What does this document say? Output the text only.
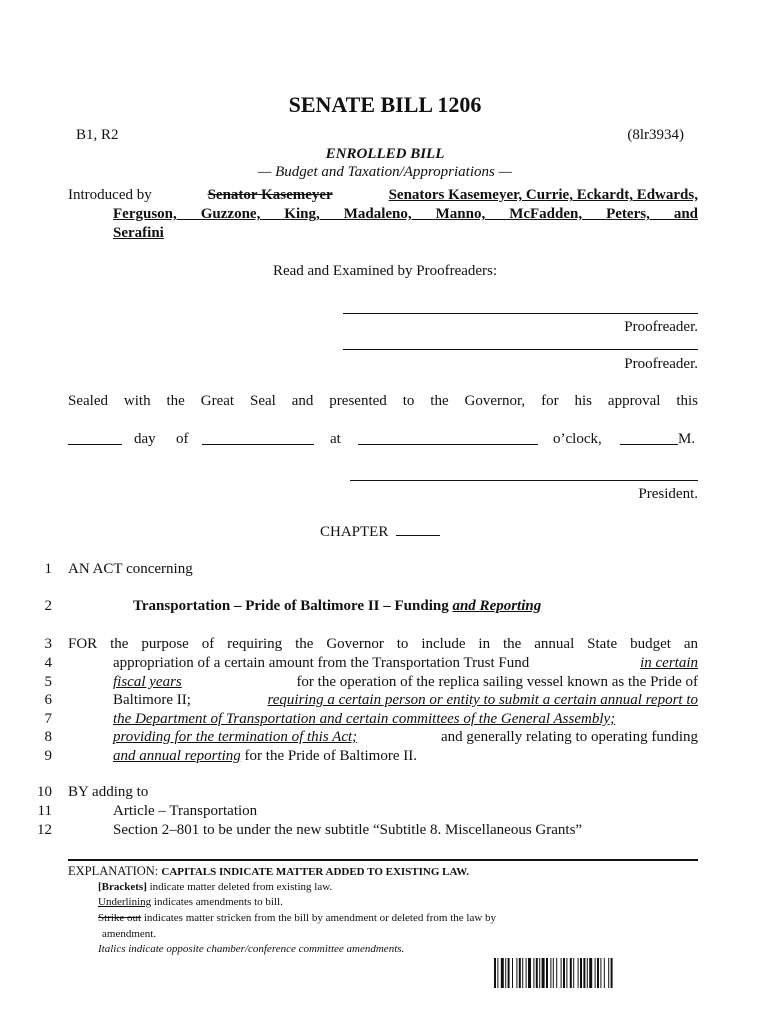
SENATE BILL 1206
B1, R2	(8lr3934)
ENROLLED BILL
— Budget and Taxation/Appropriations —
Introduced by	Senator Kasemeyer	Senators Kasemeyer, Currie, Eckardt, Edwards,
Ferguson, Guzzone, King, Madaleno, Manno, McFadden, Peters, and
Serafini
Read and Examined by Proofreaders:
Proofreader.
Proofreader.
Sealed with the Great Seal and presented to the Governor, for his approval this
day of	at	o’clock,	M.
President.
CHAPTER
1
2
3
4
5
6
7
8
9
10
11
12
AN ACT concerning
Transportation – Pride of Baltimore II – Funding and Reporting
FOR the purpose of requiring the Governor to include in the annual State budget an
appropriation of a certain amount from the Transportation Trust Fund	in certain
fiscal years	for the operation of the replica sailing vessel known as the Pride of
Baltimore II;	requiring a certain person or entity to submit a certain annual report to
the Department of Transportation and certain committees of the General Assembly;
providing for the termination of this Act;	and generally relating to operating funding
and annual reporting for the Pride of Baltimore II.
BY adding to
Article – Transportation
Section 2–801 to be under the new subtitle “Subtitle 8. Miscellaneous Grants”
EXPLANATION: CAPITALS INDICATE MATTER ADDED TO EXISTING LAW.
[Brackets] indicate matter deleted from existing law.
Underlining indicates amendments to bill.
Strike out indicates matter stricken from the bill by amendment or deleted from the law by
amendment.
Italics indicate opposite chamber/conference committee amendments.
